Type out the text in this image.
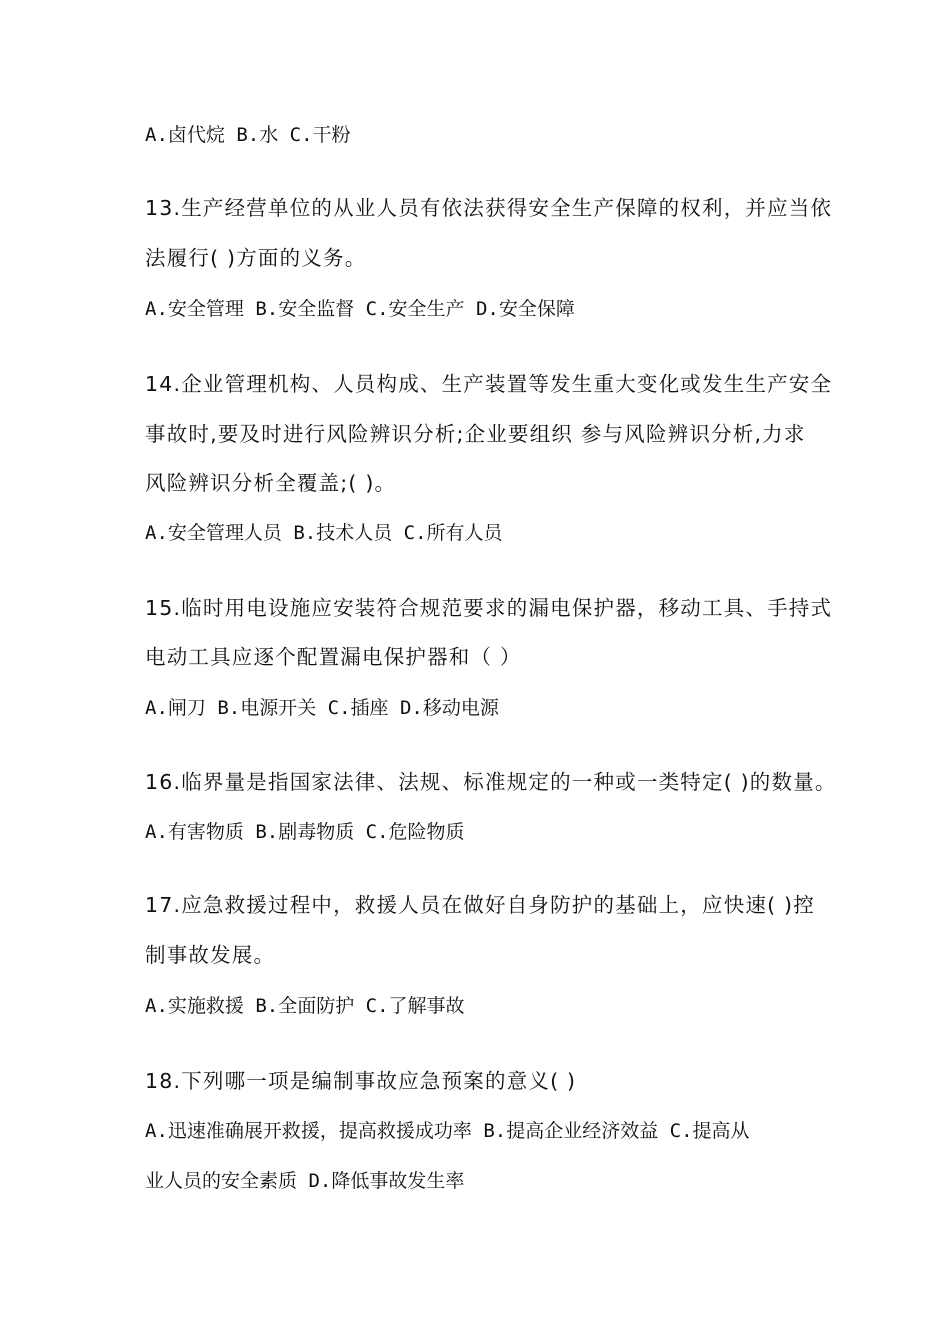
A.卤代烷 B.水 C.干粉
13.生产经营单位的从业人员有依法获得安全生产保障的权利，并应当依
法履行( )方面的义务。
A.安全管理 B.安全监督 C.安全生产 D.安全保障
14.企业管理机构、人员构成、生产装置等发生重大变化或发生生产安全
事故时,要及时进行风险辨识分析;企业要组织 参与风险辨识分析,力求
风险辨识分析全覆盖;( )。
A.安全管理人员 B.技术人员 C.所有人员
15.临时用电设施应安装符合规范要求的漏电保护器，移动工具、手持式
电动工具应逐个配置漏电保护器和（ ）
A.闸刀 B.电源开关 C.插座 D.移动电源
16.临界量是指国家法律、法规、标准规定的一种或一类特定( )的数量。
A.有害物质 B.剧毒物质 C.危险物质
17.应急救援过程中，救援人员在做好自身防护的基础上，应快速( )控
制事故发展。
A.实施救援 B.全面防护 C.了解事故
18.下列哪一项是编制事故应急预案的意义( )
A.迅速准确展开救援，提高救援成功率 B.提高企业经济效益 C.提高从
业人员的安全素质 D.降低事故发生率
